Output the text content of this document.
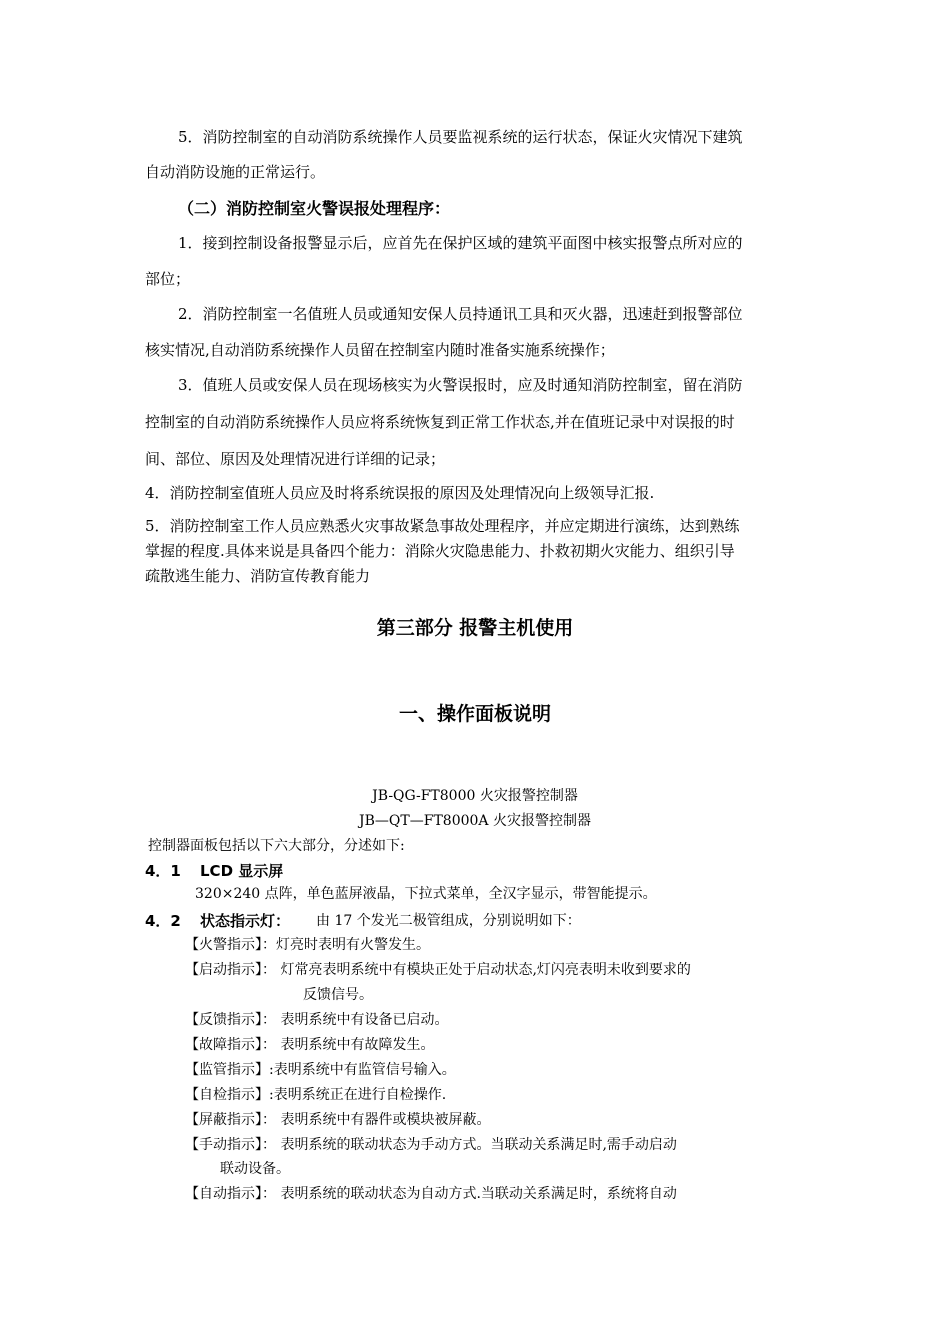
5．消防控制室的自动消防系统操作人员要监视系统的运行状态，保证火灾情况下建筑
自动消防设施的正常运行。
（二）消防控制室火警误报处理程序：
1．接到控制设备报警显示后，应首先在保护区域的建筑平面图中核实报警点所对应的
部位；
2．消防控制室一名值班人员或通知安保人员持通讯工具和灭火器，迅速赶到报警部位
核实情况,自动消防系统操作人员留在控制室内随时准备实施系统操作；
3．值班人员或安保人员在现场核实为火警误报时，应及时通知消防控制室，留在消防
控制室的自动消防系统操作人员应将系统恢复到正常工作状态,并在值班记录中对误报的时
间、部位、原因及处理情况进行详细的记录；
4．消防控制室值班人员应及时将系统误报的原因及处理情况向上级领导汇报.
5．消防控制室工作人员应熟悉火灾事故紧急事故处理程序，并应定期进行演练，达到熟练
掌握的程度.具体来说是具备四个能力：消除火灾隐患能力、扑救初期火灾能力、组织引导
疏散逃生能力、消防宣传教育能力
第三部分 报警主机使用
一、操作面板说明
JB-QG-FT8000 火灾报警控制器
JB—QT—FT8000A 火灾报警控制器
控制器面板包括以下六大部分，分述如下:
4．1 LCD 显示屏
320×240 点阵，单色蓝屏液晶，下拉式菜单，全汉字显示，带智能提示。
4．2 状态指示灯： 由 17 个发光二极管组成，分别说明如下：
【火警指示】：灯亮时表明有火警发生。
【启动指示】： 灯常亮表明系统中有模块正处于启动状态,灯闪亮表明未收到要求的
反馈信号。
【反馈指示】： 表明系统中有设备已启动。
【故障指示】： 表明系统中有故障发生。
【监管指示】:表明系统中有监管信号输入。
【自检指示】:表明系统正在进行自检操作.
【屏蔽指示】： 表明系统中有器件或模块被屏蔽。
【手动指示】： 表明系统的联动状态为手动方式。当联动关系满足时,需手动启动
联动设备。
【自动指示】： 表明系统的联动状态为自动方式.当联动关系满足时，系统将自动
